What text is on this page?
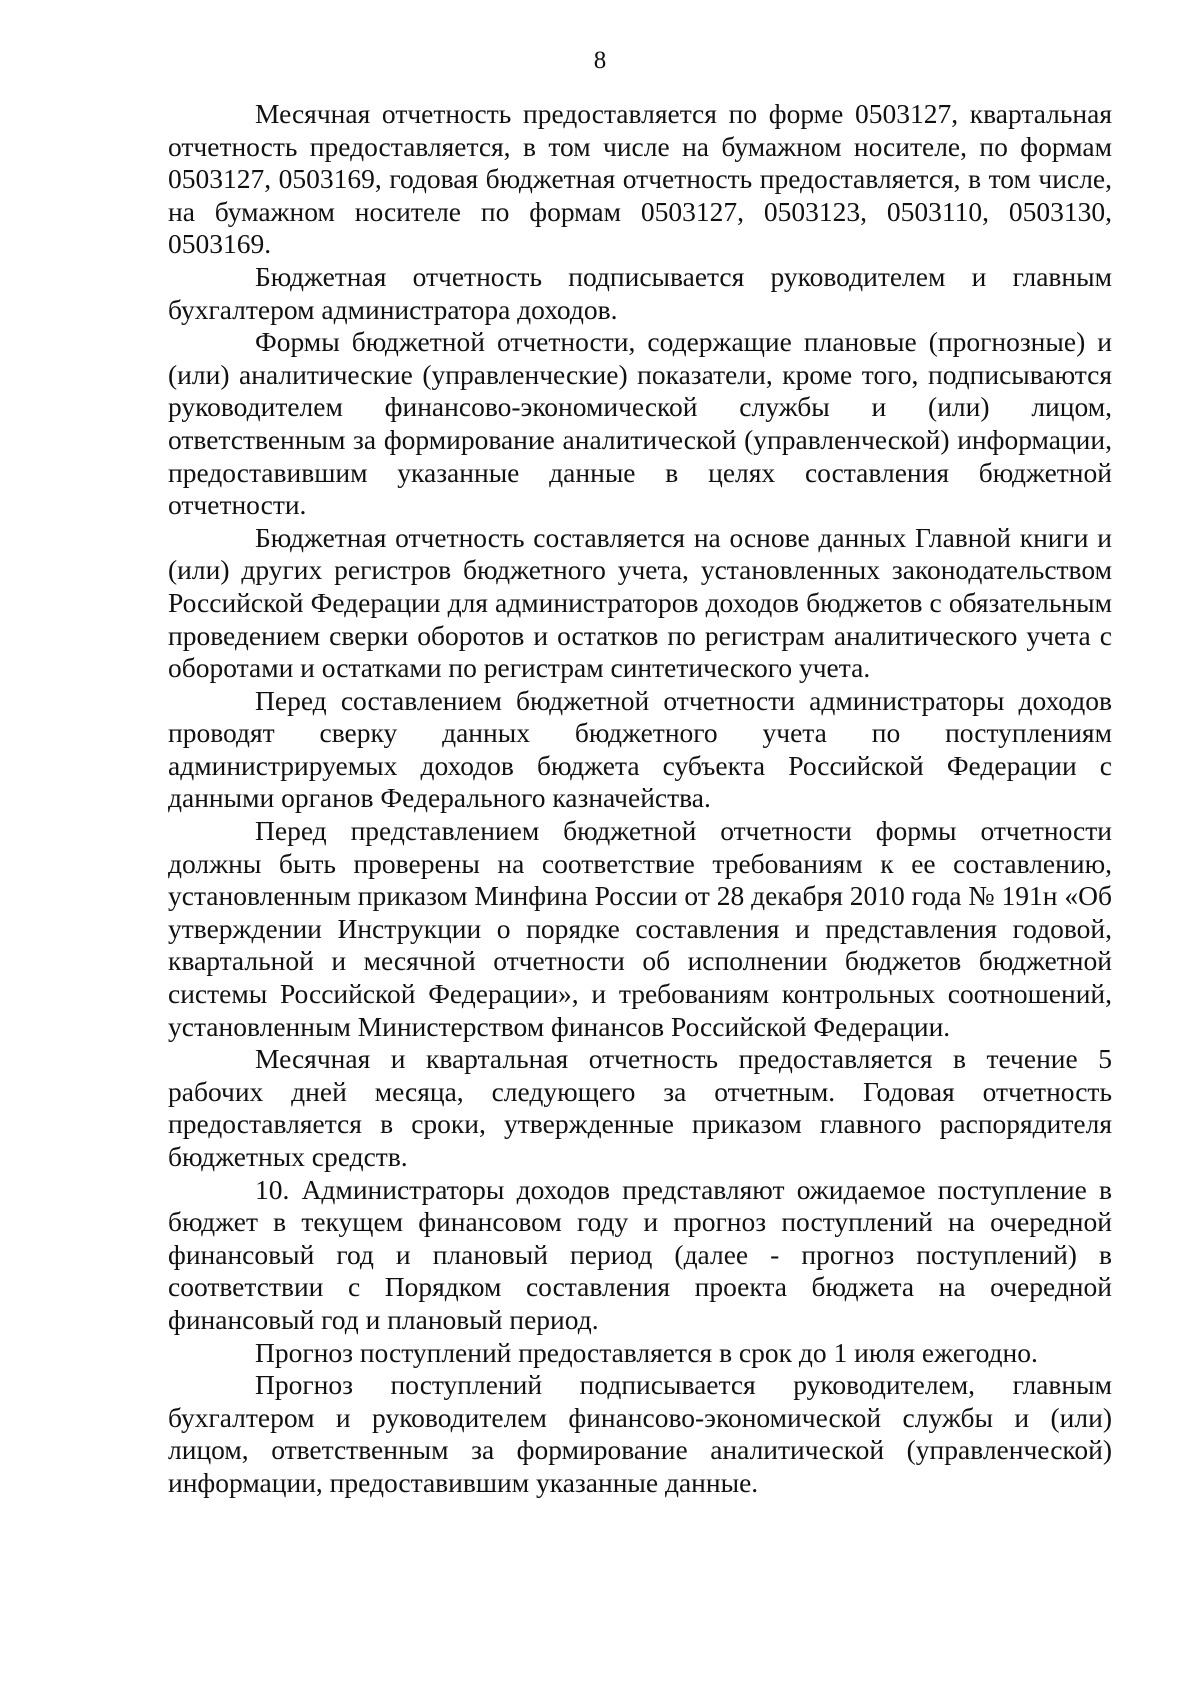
8

Месячная отчетность предоставляется по форме 0503127, квартальная отчетность предоставляется, в том числе на бумажном носителе, по формам 0503127, 0503169, годовая бюджетная отчетность предоставляется, в том числе, на бумажном носителе по формам 0503127, 0503123, 0503110, 0503130, 0503169.

Бюджетная отчетность подписывается руководителем и главным бухгалтером администратора доходов.

Формы бюджетной отчетности, содержащие плановые (прогнозные) и (или) аналитические (управленческие) показатели, кроме того, подписываются руководителем финансово-экономической службы и (или) лицом, ответственным за формирование аналитической (управленческой) информации, предоставившим указанные данные в целях составления бюджетной отчетности.

Бюджетная отчетность составляется на основе данных Главной книги и (или) других регистров бюджетного учета, установленных законодательством Российской Федерации для администраторов доходов бюджетов с обязательным проведением сверки оборотов и остатков по регистрам аналитического учета с оборотами и остатками по регистрам синтетического учета.

Перед составлением бюджетной отчетности администраторы доходов проводят сверку данных бюджетного учета по поступлениям администрируемых доходов бюджета субъекта Российской Федерации с данными органов Федерального казначейства.

Перед представлением бюджетной отчетности формы отчетности должны быть проверены на соответствие требованиям к ее составлению, установленным приказом Минфина России от 28 декабря 2010 года № 191н «Об утверждении Инструкции о порядке составления и представления годовой, квартальной и месячной отчетности об исполнении бюджетов бюджетной системы Российской Федерации», и требованиям контрольных соотношений, установленным Министерством финансов Российской Федерации.

Месячная и квартальная отчетность предоставляется в течение 5 рабочих дней месяца, следующего за отчетным. Годовая отчетность предоставляется в сроки, утвержденные приказом главного распорядителя бюджетных средств.

10. Администраторы доходов представляют ожидаемое поступление в бюджет в текущем финансовом году и прогноз поступлений на очередной финансовый год и плановый период (далее - прогноз поступлений) в соответствии с Порядком составления проекта бюджета на очередной финансовый год и плановый период.

Прогноз поступлений предоставляется в срок до 1 июля ежегодно.

Прогноз поступлений подписывается руководителем, главным бухгалтером и руководителем финансово-экономической службы и (или) лицом, ответственным за формирование аналитической (управленческой) информации, предоставившим указанные данные.
